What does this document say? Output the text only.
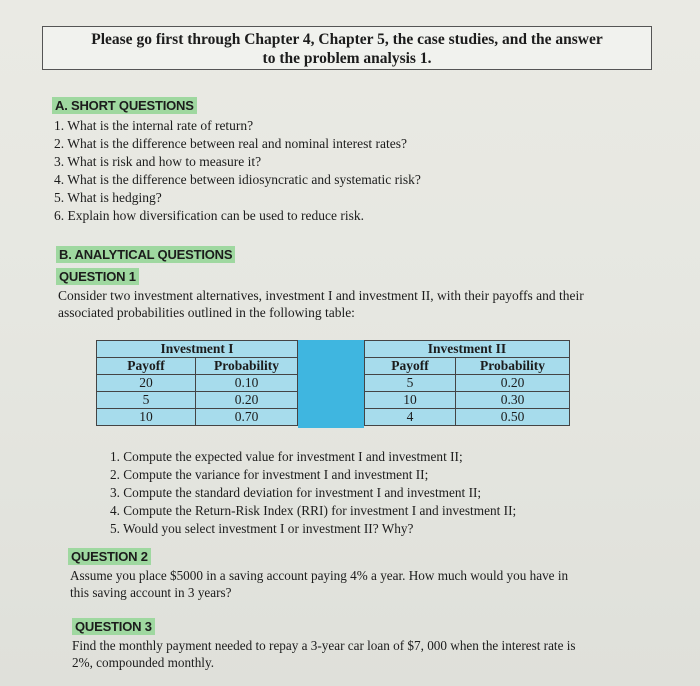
Please go first through Chapter 4, Chapter 5, the case studies, and the answer
to the problem analysis 1.
A. SHORT QUESTIONS
1. What is the internal rate of return?
2. What is the difference between real and nominal interest rates?
3. What is risk and how to measure it?
4. What is the difference between idiosyncratic and systematic risk?
5. What is hedging?
6. Explain how diversification can be used to reduce risk.
B. ANALYTICAL QUESTIONS
QUESTION 1
Consider two investment alternatives, investment I and investment II, with their payoffs and their
associated probabilities outlined in the following table:
Investment I	
Payoff	Probability
20	0.10
5	0.20
10	0.70
Investment II	
Payoff	Probability
5	0.20
10	0.30
4	0.50
1. Compute the expected value for investment I and investment II;
2. Compute the variance for investment I and investment II;
3. Compute the standard deviation for investment I and investment II;
4. Compute the Return-Risk Index (RRI) for investment I and investment II;
5. Would you select investment I or investment II? Why?
QUESTION 2
Assume you place $5000 in a saving account paying 4% a year. How much would you have in
this saving account in 3 years?
QUESTION 3
Find the monthly payment needed to repay a 3-year car loan of $7, 000 when the interest rate is
2%, compounded monthly.
